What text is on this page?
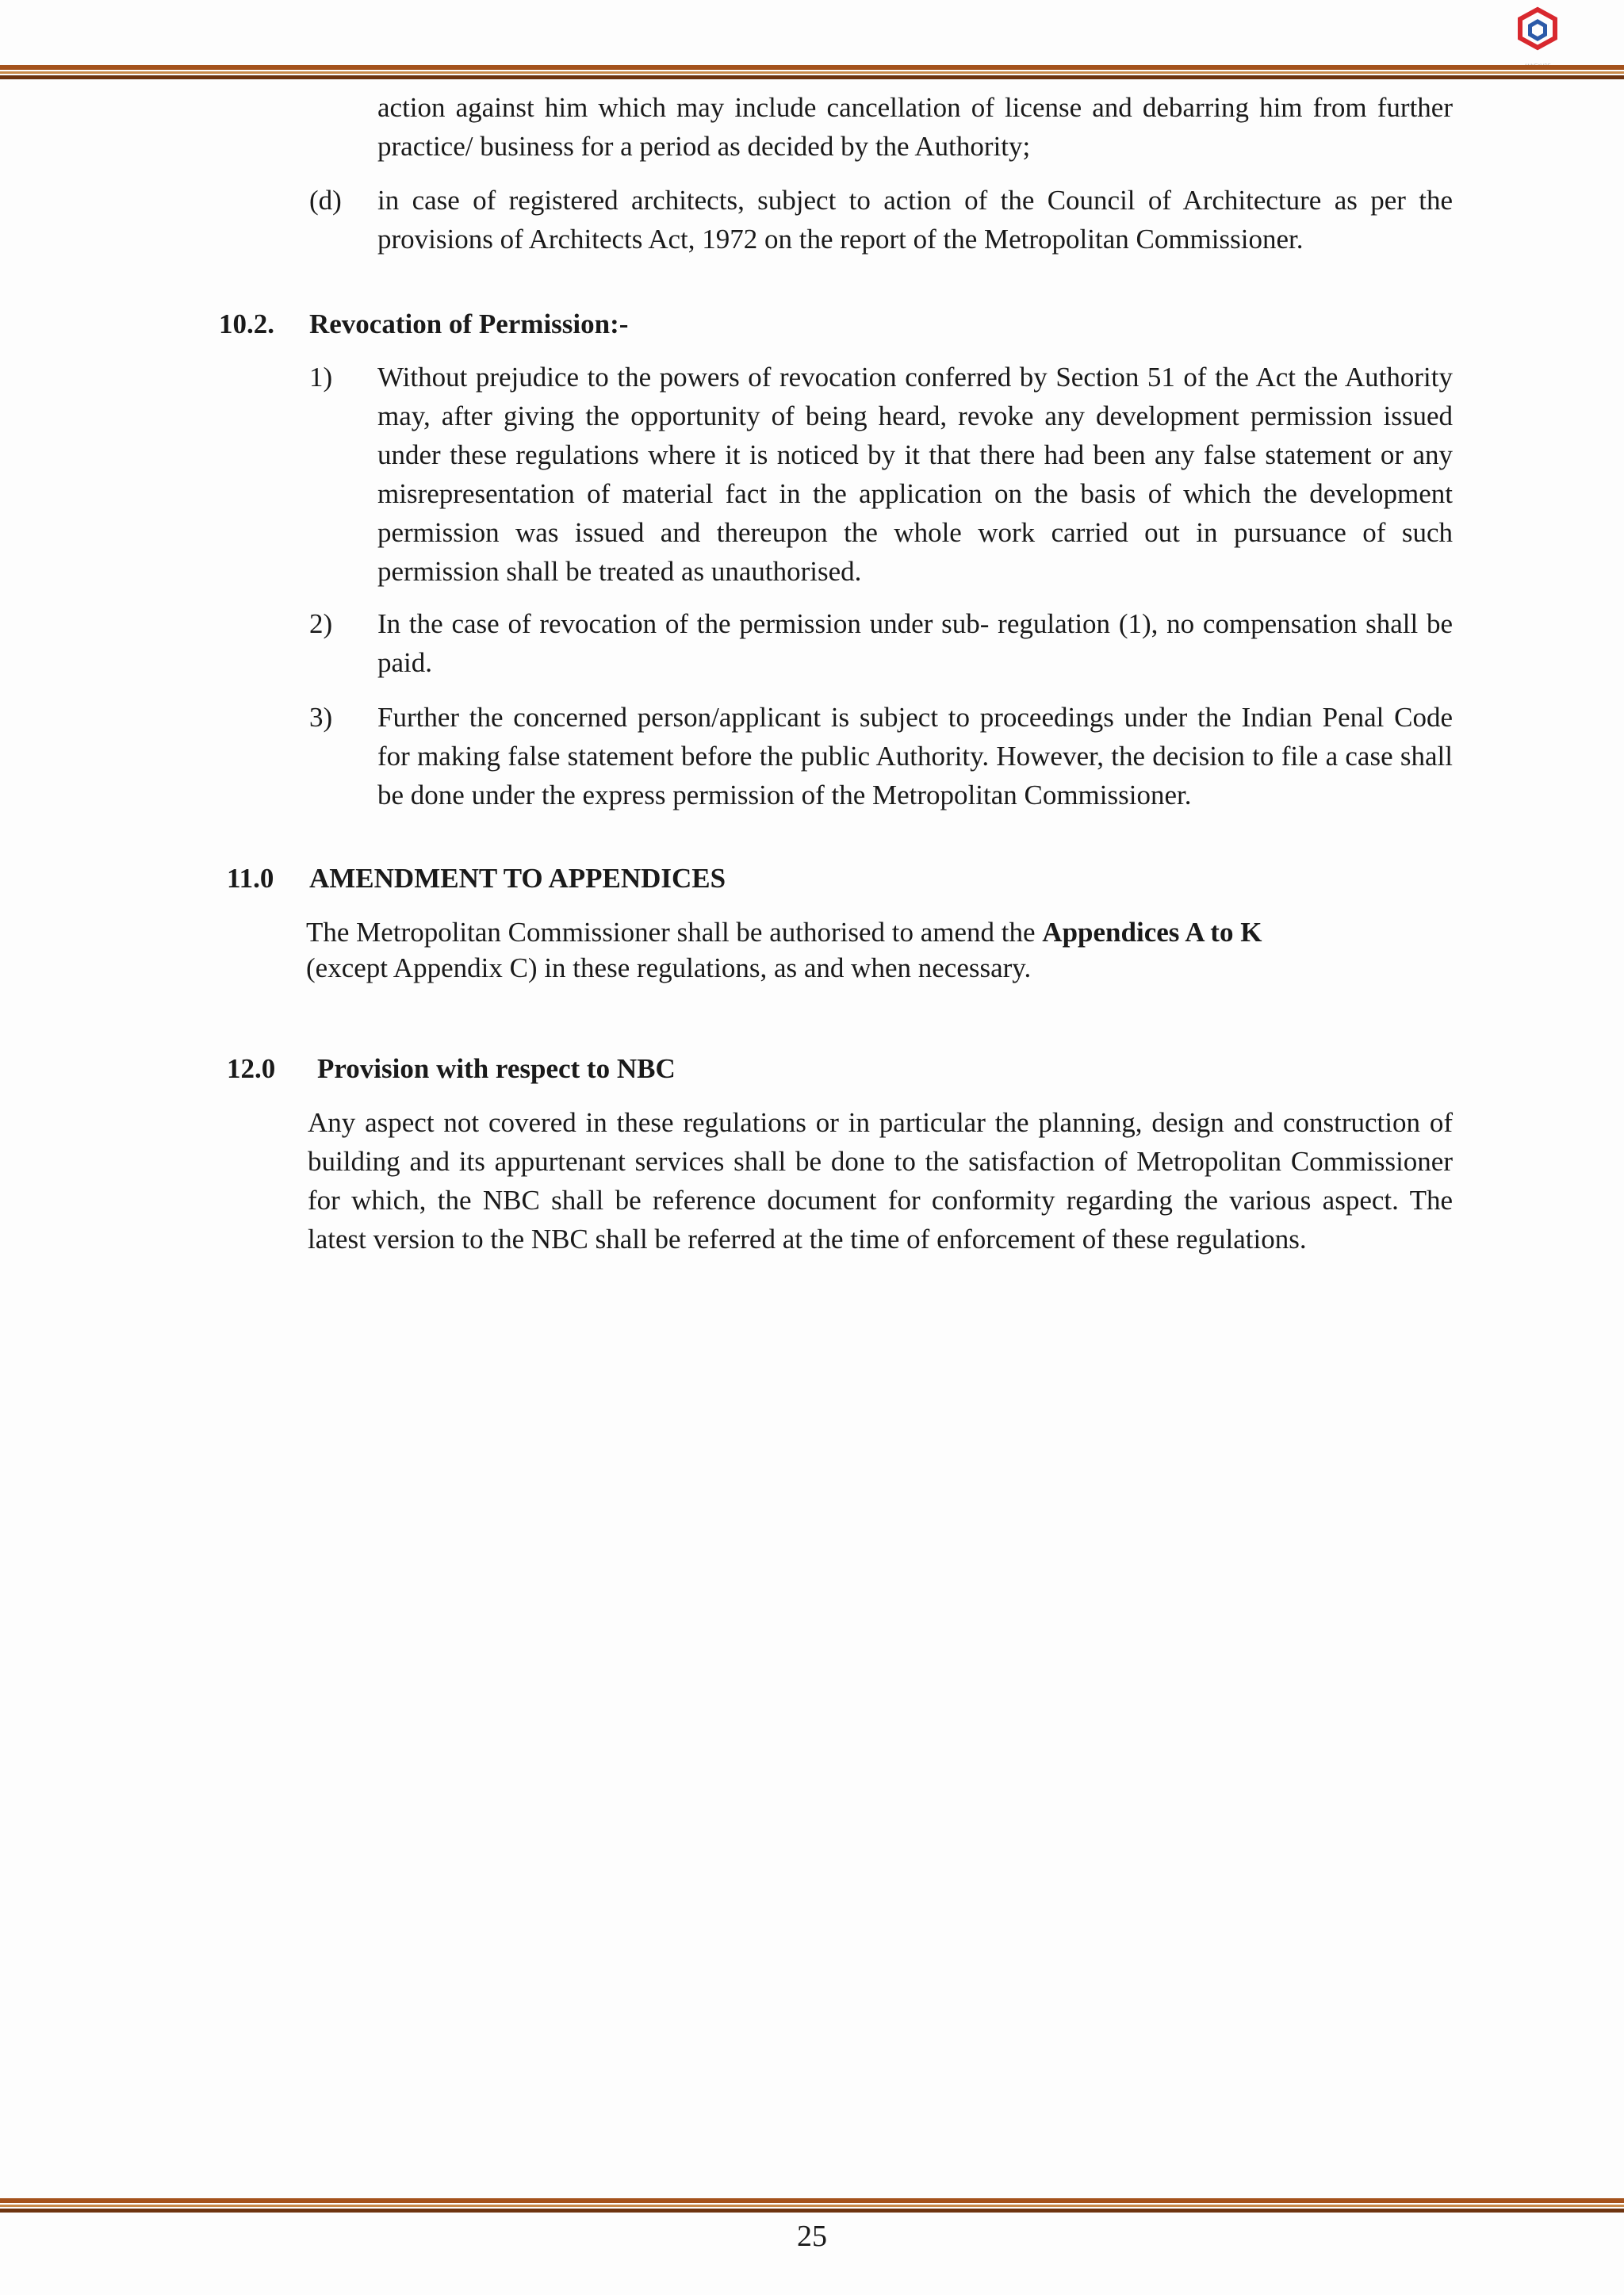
action against him which may include cancellation of license and debarring him from further practice/ business for a period as decided by the Authority;
(d) in case of registered architects, subject to action of the Council of Architecture as per the provisions of Architects Act, 1972 on the report of the Metropolitan Commissioner.
10.2. Revocation of Permission:-
1) Without prejudice to the powers of revocation conferred by Section 51 of the Act the Authority may, after giving the opportunity of being heard, revoke any development permission issued under these regulations where it is noticed by it that there had been any false statement or any misrepresentation of material fact in the application on the basis of which the development permission was issued and thereupon the whole work carried out in pursuance of such permission shall be treated as unauthorised.
2) In the case of revocation of the permission under sub- regulation (1), no compensation shall be paid.
3) Further the concerned person/applicant is subject to proceedings under the Indian Penal Code for making false statement before the public Authority. However, the decision to file a case shall be done under the express permission of the Metropolitan Commissioner.
11.0 AMENDMENT TO APPENDICES
The Metropolitan Commissioner shall be authorised to amend the Appendices A to K
(except Appendix C) in these regulations, as and when necessary.
12.0 Provision with respect to NBC
Any aspect not covered in these regulations or in particular the planning, design and construction of building and its appurtenant services shall be done to the satisfaction of Metropolitan Commissioner for which, the NBC shall be reference document for conformity regarding the various aspect. The latest version to the NBC shall be referred at the time of enforcement of these regulations.
25
